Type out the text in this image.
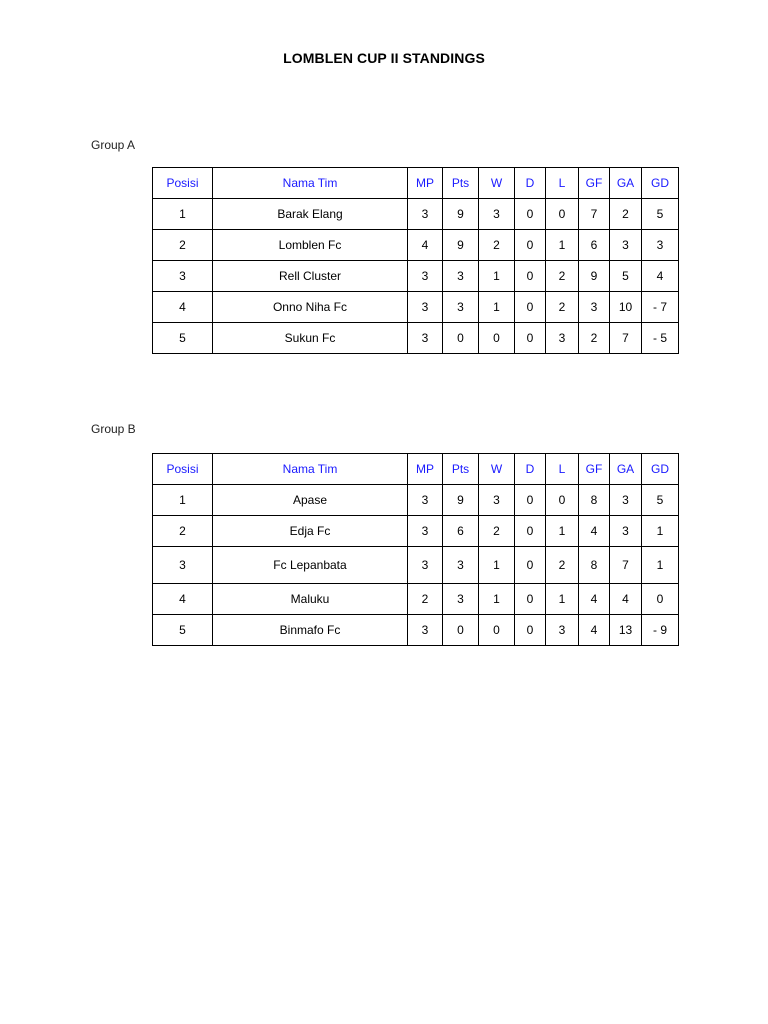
LOMBLEN CUP II STANDINGS
Group A
Posisi	Nama Tim	MP	Pts	W	D	L	GF	GA	GD
1	Barak Elang	3	9	3	0	0	7	2	5
2	Lomblen Fc	4	9	2	0	1	6	3	3
3	Rell Cluster	3	3	1	0	2	9	5	4
4	Onno Niha Fc	3	3	1	0	2	3	10	- 7
5	Sukun Fc	3	0	0	0	3	2	7	- 5
Group B
Posisi	Nama Tim	MP	Pts	W	D	L	GF	GA	GD
1	Apase	3	9	3	0	0	8	3	5
2	Edja Fc	3	6	2	0	1	4	3	1
3	Fc Lepanbata	3	3	1	0	2	8	7	1
4	Maluku	2	3	1	0	1	4	4	0
5	Binmafo Fc	3	0	0	0	3	4	13	- 9
